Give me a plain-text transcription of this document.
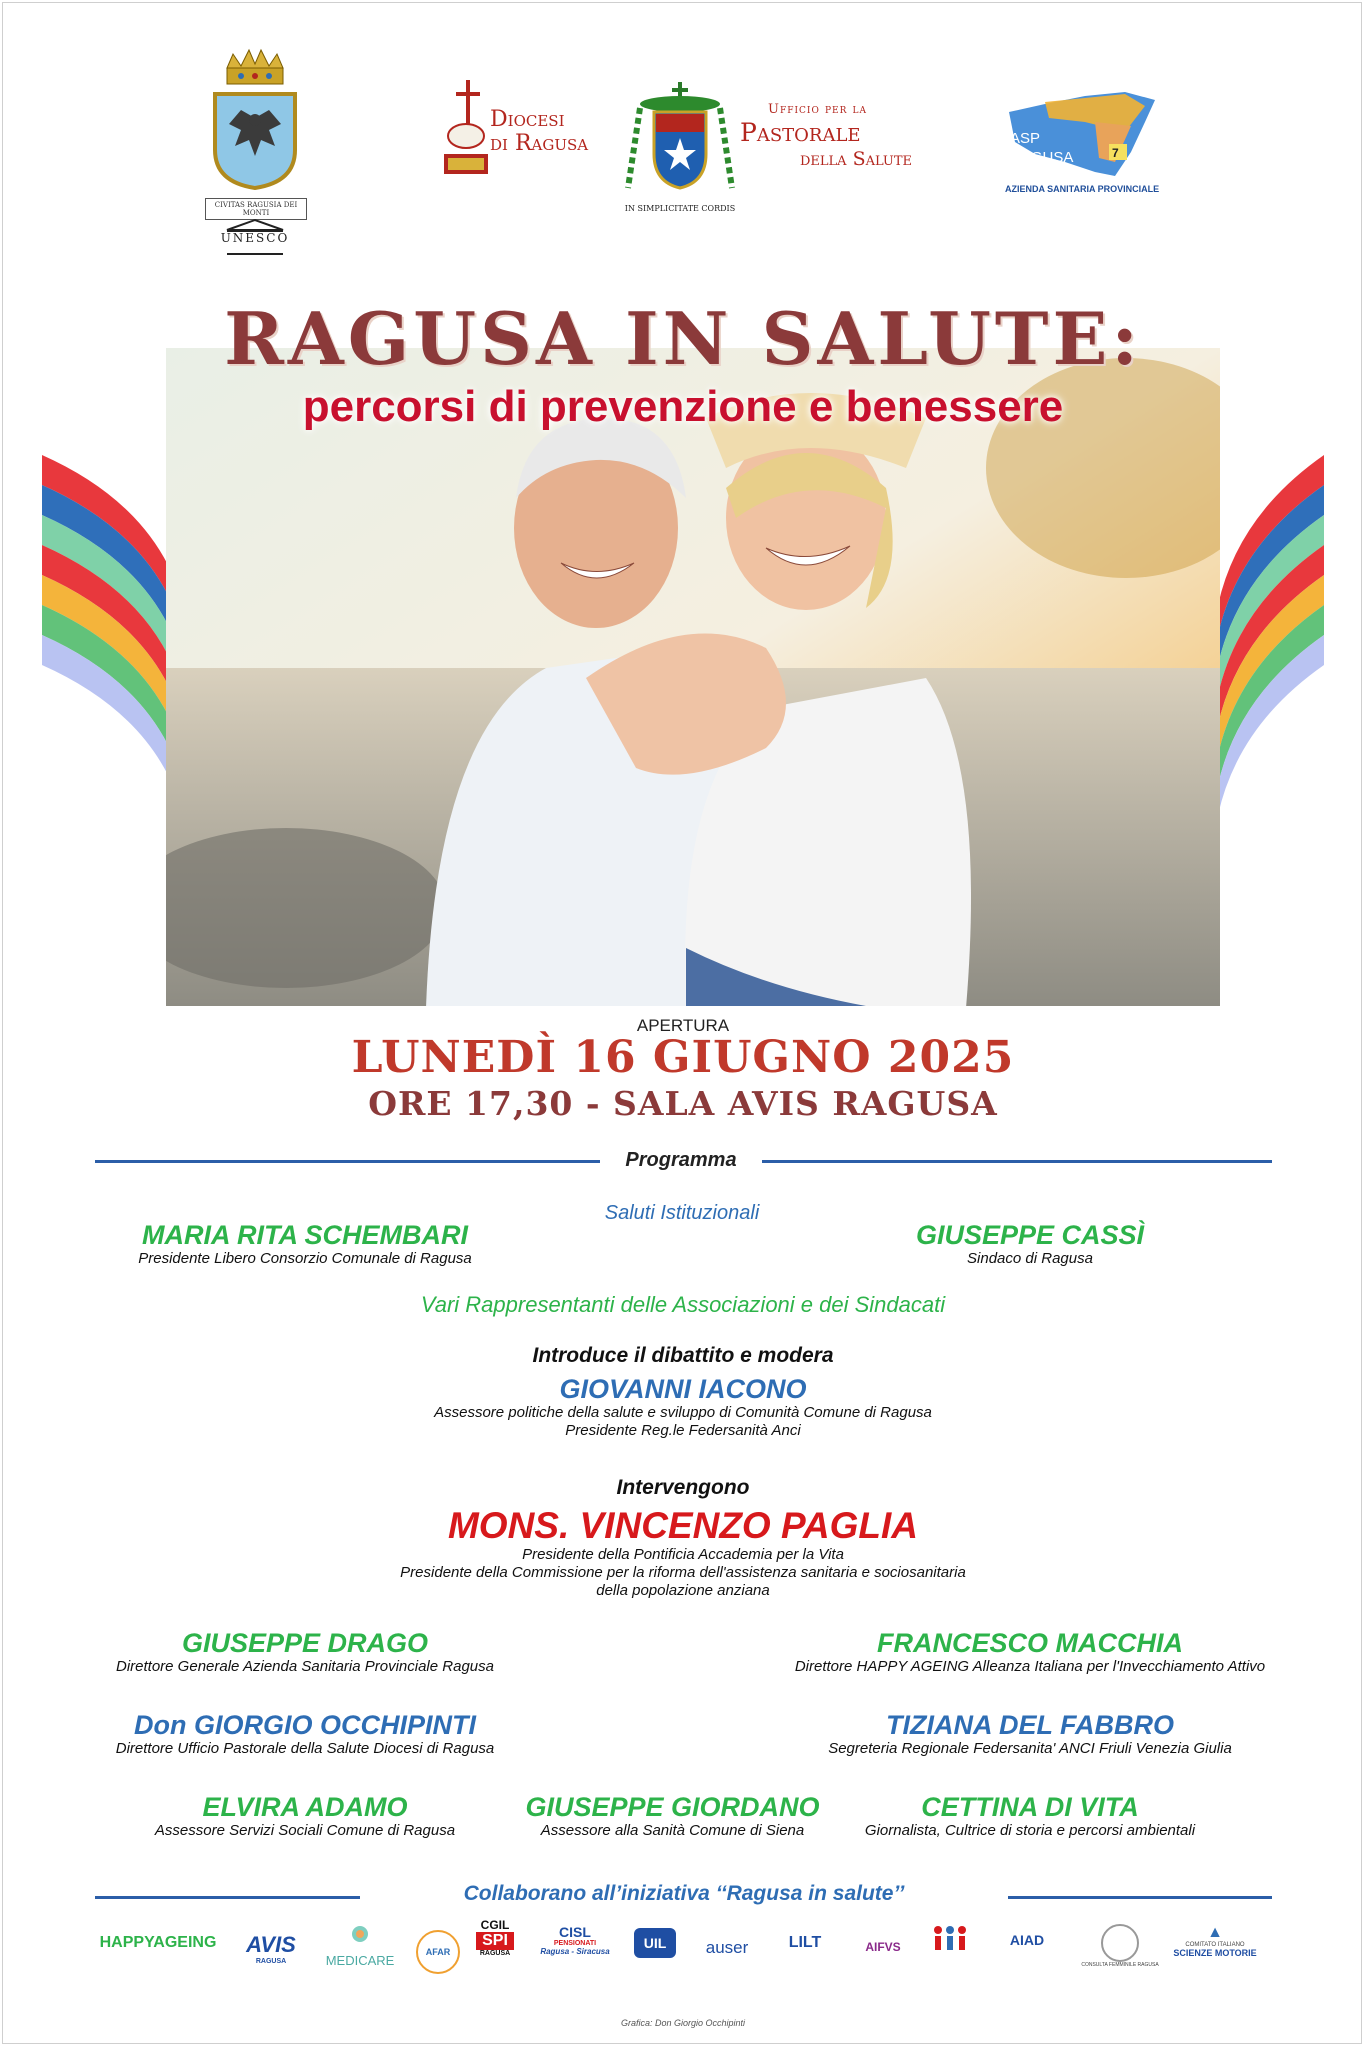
CIVITAS RAGUSIA DEI MONTI
UNESCO
Diocesi
di Ragusa
IN SIMPLICITATE CORDIS
Ufficio per la
Pastorale
della Salute
ASP
RAGUSA	7
AZIENDA SANITARIA PROVINCIALE
RAGUSA IN SALUTE:
percorsi di prevenzione e benessere
APERTURA
LUNEDÌ 16 GIUGNO 2025
ORE 17,30 - SALA AVIS RAGUSA
Programma
Saluti Istituzionali
MARIA RITA SCHEMBARI
Presidente Libero Consorzio Comunale di Ragusa
GIUSEPPE CASSÌ
Sindaco di Ragusa
Vari Rappresentanti delle Associazioni e dei Sindacati
Introduce il dibattito e modera
GIOVANNI IACONO
Assessore politiche della salute e sviluppo di Comunità Comune di Ragusa
Presidente Reg.le Federsanità Anci
Intervengono
MONS. VINCENZO PAGLIA
Presidente della Pontificia Accademia per la Vita
Presidente della Commissione per la riforma dell'assistenza sanitaria e sociosanitaria
della popolazione anziana
GIUSEPPE DRAGO
Direttore Generale Azienda Sanitaria Provinciale Ragusa
FRANCESCO MACCHIA
Direttore HAPPY AGEING Alleanza Italiana per l'Invecchiamento Attivo
Don GIORGIO OCCHIPINTI
Direttore Ufficio Pastorale della Salute Diocesi di Ragusa
TIZIANA DEL FABBRO
Segreteria Regionale Federsanita' ANCI Friuli Venezia Giulia
ELVIRA ADAMO
Assessore Servizi Sociali Comune di Ragusa
GIUSEPPE GIORDANO
Assessore alla Sanità Comune di Siena
CETTINA DI VITA
Giornalista, Cultrice di storia e percorsi ambientali
Collaborano all’iniziativa ‘‘Ragusa in salute’’
HAPPYAGEING	AVIS
RAGUSA	MEDICARE
AFAR
CGIL
SPI
RAGUSA
CISL
PENSIONATI
Ragusa - Siracusa
UIL	auser	LILT	AIFVS	AIAD
CONSULTA FEMMINILE RAGUSA
▲
COMITATO ITALIANO
SCIENZE MOTORIE
Grafica: Don Giorgio Occhipinti
